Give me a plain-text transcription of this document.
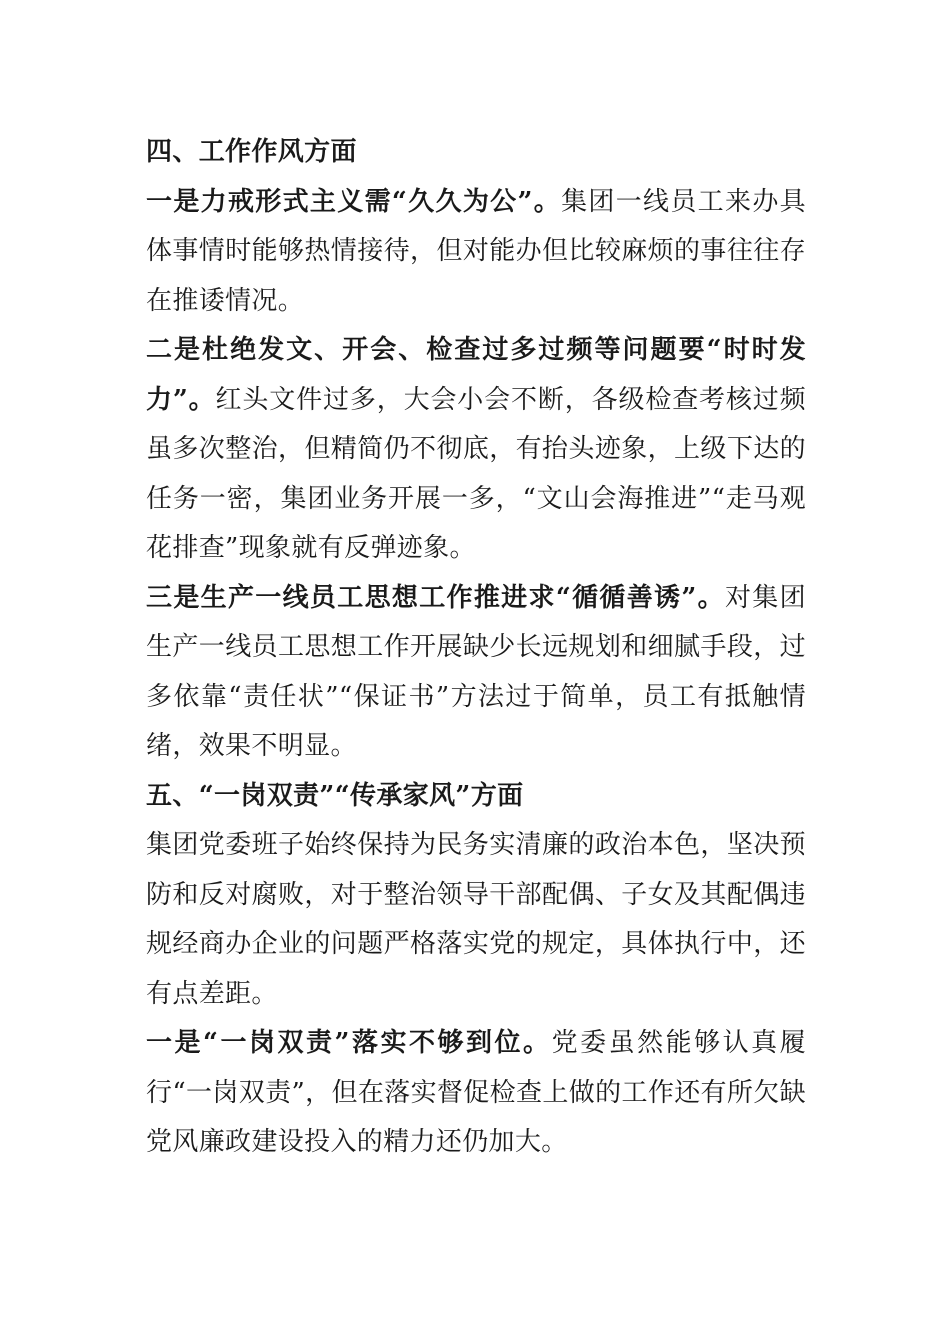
四、工作作风方面

一是力戒形式主义需“久久为公”。集团一线员工来办具体事情时能够热情接待，但对能办但比较麻烦的事往往存在推诿情况。

二是杜绝发文、开会、检查过多过频等问题要“时时发力”。红头文件过多，大会小会不断，各级检查考核过频虽多次整治，但精简仍不彻底，有抬头迹象，上级下达的任务一密，集团业务开展一多，“文山会海推进”“走马观花排查”现象就有反弹迹象。

三是生产一线员工思想工作推进求“循循善诱”。对集团生产一线员工思想工作开展缺少长远规划和细腻手段，过多依靠“责任状”“保证书”方法过于简单，员工有抵触情绪，效果不明显。

五、“一岗双责”“传承家风”方面

集团党委班子始终保持为民务实清廉的政治本色，坚决预防和反对腐败，对于整治领导干部配偶、子女及其配偶违规经商办企业的问题严格落实党的规定，具体执行中，还有点差距。

一是“一岗双责”落实不够到位。党委虽然能够认真履行“一岗双责”，但在落实督促检查上做的工作还有所欠缺党风廉政建设投入的精力还仍加大。
